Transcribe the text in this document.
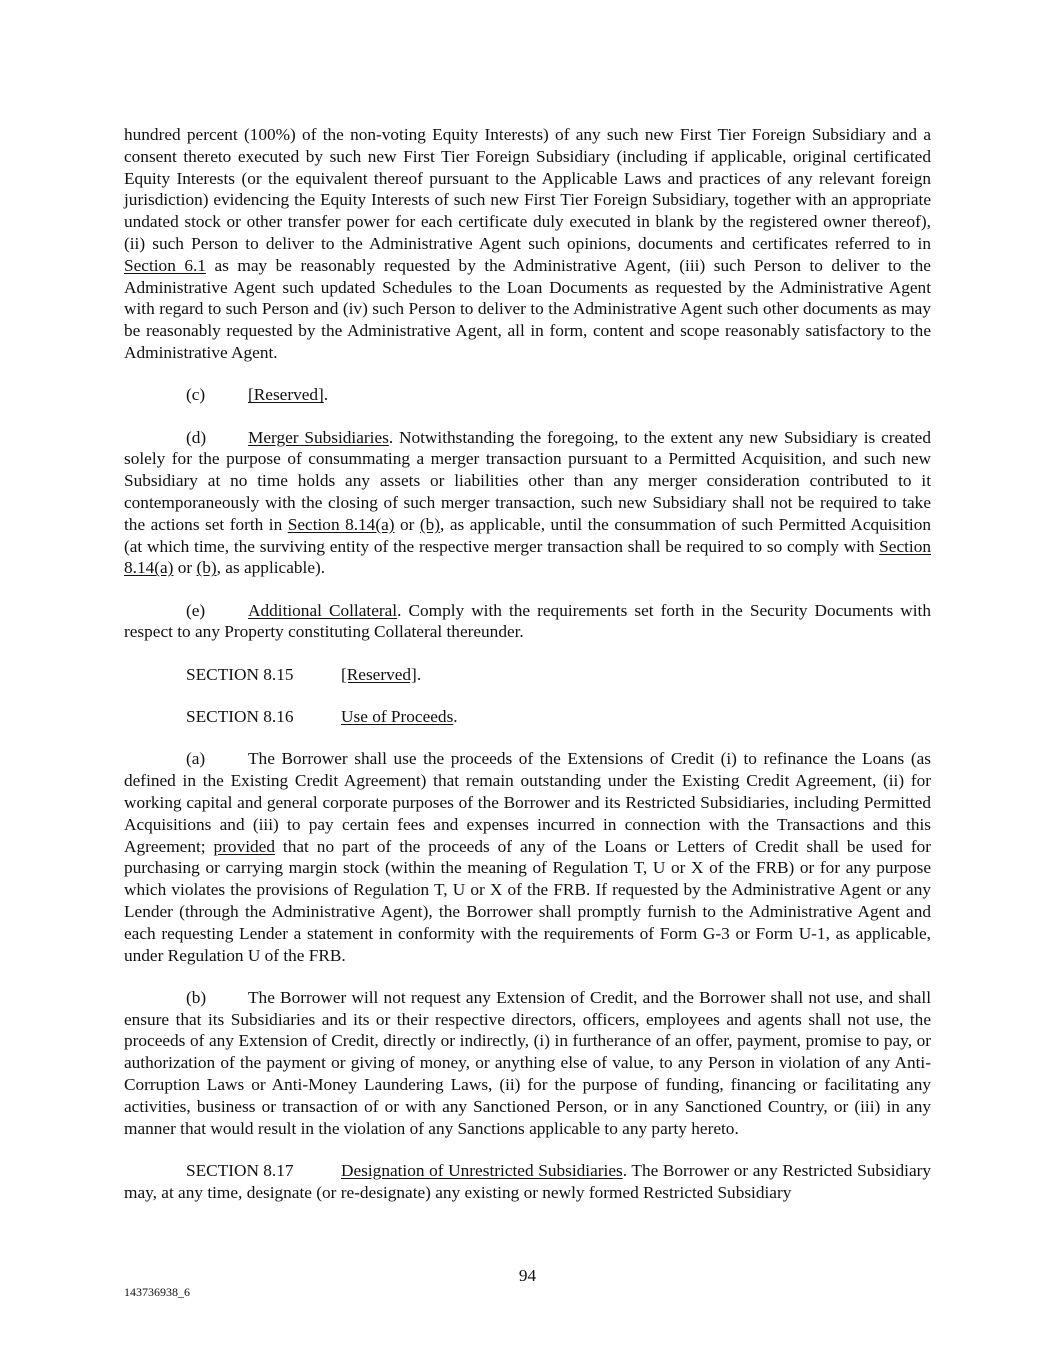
hundred percent (100%) of the non-voting Equity Interests) of any such new First Tier Foreign Subsidiary and a consent thereto executed by such new First Tier Foreign Subsidiary (including if applicable, original certificated Equity Interests (or the equivalent thereof pursuant to the Applicable Laws and practices of any relevant foreign jurisdiction) evidencing the Equity Interests of such new First Tier Foreign Subsidiary, together with an appropriate undated stock or other transfer power for each certificate duly executed in blank by the registered owner thereof), (ii) such Person to deliver to the Administrative Agent such opinions, documents and certificates referred to in Section 6.1 as may be reasonably requested by the Administrative Agent, (iii) such Person to deliver to the Administrative Agent such updated Schedules to the Loan Documents as requested by the Administrative Agent with regard to such Person and (iv) such Person to deliver to the Administrative Agent such other documents as may be reasonably requested by the Administrative Agent, all in form, content and scope reasonably satisfactory to the Administrative Agent.

(c) [Reserved].

(d) Merger Subsidiaries. Notwithstanding the foregoing, to the extent any new Subsidiary is created solely for the purpose of consummating a merger transaction pursuant to a Permitted Acquisition, and such new Subsidiary at no time holds any assets or liabilities other than any merger consideration contributed to it contemporaneously with the closing of such merger transaction, such new Subsidiary shall not be required to take the actions set forth in Section 8.14(a) or (b), as applicable, until the consummation of such Permitted Acquisition (at which time, the surviving entity of the respective merger transaction shall be required to so comply with Section 8.14(a) or (b), as applicable).

(e) Additional Collateral. Comply with the requirements set forth in the Security Documents with respect to any Property constituting Collateral thereunder.

SECTION 8.15	[Reserved].

SECTION 8.16	Use of Proceeds.

(a) The Borrower shall use the proceeds of the Extensions of Credit (i) to refinance the Loans (as defined in the Existing Credit Agreement) that remain outstanding under the Existing Credit Agreement, (ii) for working capital and general corporate purposes of the Borrower and its Restricted Subsidiaries, including Permitted Acquisitions and (iii) to pay certain fees and expenses incurred in connection with the Transactions and this Agreement; provided that no part of the proceeds of any of the Loans or Letters of Credit shall be used for purchasing or carrying margin stock (within the meaning of Regulation T, U or X of the FRB) or for any purpose which violates the provisions of Regulation T, U or X of the FRB. If requested by the Administrative Agent or any Lender (through the Administrative Agent), the Borrower shall promptly furnish to the Administrative Agent and each requesting Lender a statement in conformity with the requirements of Form G-3 or Form U-1, as applicable, under Regulation U of the FRB.

(b) The Borrower will not request any Extension of Credit, and the Borrower shall not use, and shall ensure that its Subsidiaries and its or their respective directors, officers, employees and agents shall not use, the proceeds of any Extension of Credit, directly or indirectly, (i) in furtherance of an offer, payment, promise to pay, or authorization of the payment or giving of money, or anything else of value, to any Person in violation of any Anti-Corruption Laws or Anti-Money Laundering Laws, (ii) for the purpose of funding, financing or facilitating any activities, business or transaction of or with any Sanctioned Person, or in any Sanctioned Country, or (iii) in any manner that would result in the violation of any Sanctions applicable to any party hereto.

SECTION 8.17	Designation of Unrestricted Subsidiaries. The Borrower or any Restricted Subsidiary may, at any time, designate (or re-designate) any existing or newly formed Restricted Subsidiary

94
143736938_6
